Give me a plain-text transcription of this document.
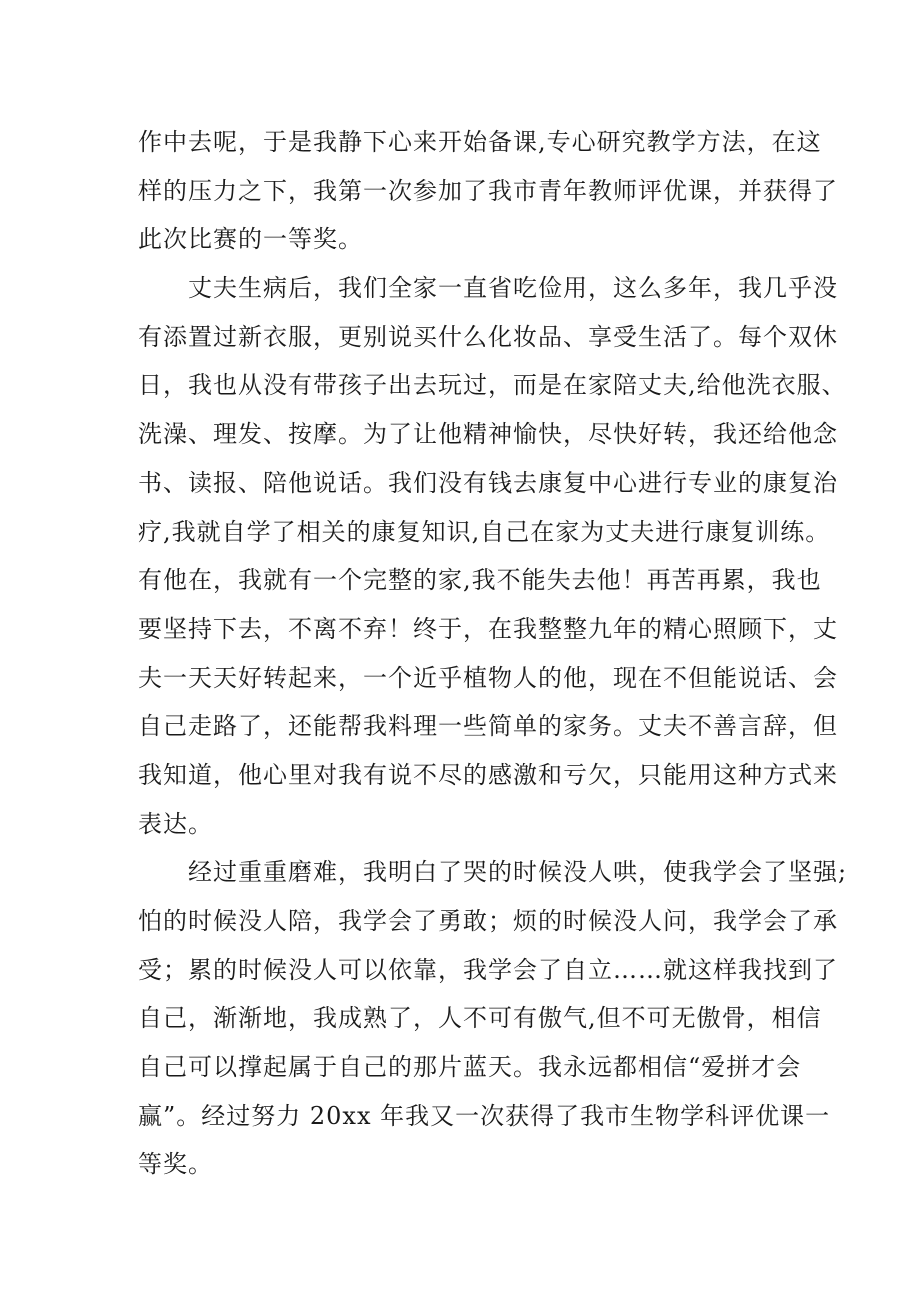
作中去呢，于是我静下心来开始备课,专心研究教学方法，在这
样的压力之下，我第一次参加了我市青年教师评优课，并获得了
此次比赛的一等奖。
丈夫生病后，我们全家一直省吃俭用，这么多年，我几乎没
有添置过新衣服，更别说买什么化妆品、享受生活了。每个双休
日，我也从没有带孩子出去玩过，而是在家陪丈夫,给他洗衣服、
洗澡、理发、按摩。为了让他精神愉快，尽快好转，我还给他念
书、读报、陪他说话。我们没有钱去康复中心进行专业的康复治
疗,我就自学了相关的康复知识,自己在家为丈夫进行康复训练。
有他在，我就有一个完整的家,我不能失去他！再苦再累，我也
要坚持下去，不离不弃！终于，在我整整九年的精心照顾下，丈
夫一天天好转起来，一个近乎植物人的他，现在不但能说话、会
自己走路了，还能帮我料理一些简单的家务。丈夫不善言辞，但
我知道，他心里对我有说不尽的感激和亏欠，只能用这种方式来
表达。
经过重重磨难，我明白了哭的时候没人哄，使我学会了坚强;
怕的时候没人陪，我学会了勇敢；烦的时候没人问，我学会了承
受；累的时候没人可以依靠，我学会了自立……就这样我找到了
自己，渐渐地，我成熟了，人不可有傲气,但不可无傲骨，相信
自己可以撑起属于自己的那片蓝天。我永远都相信“爱拼才会
赢”。经过努力 20xx 年我又一次获得了我市生物学科评优课一
等奖。
